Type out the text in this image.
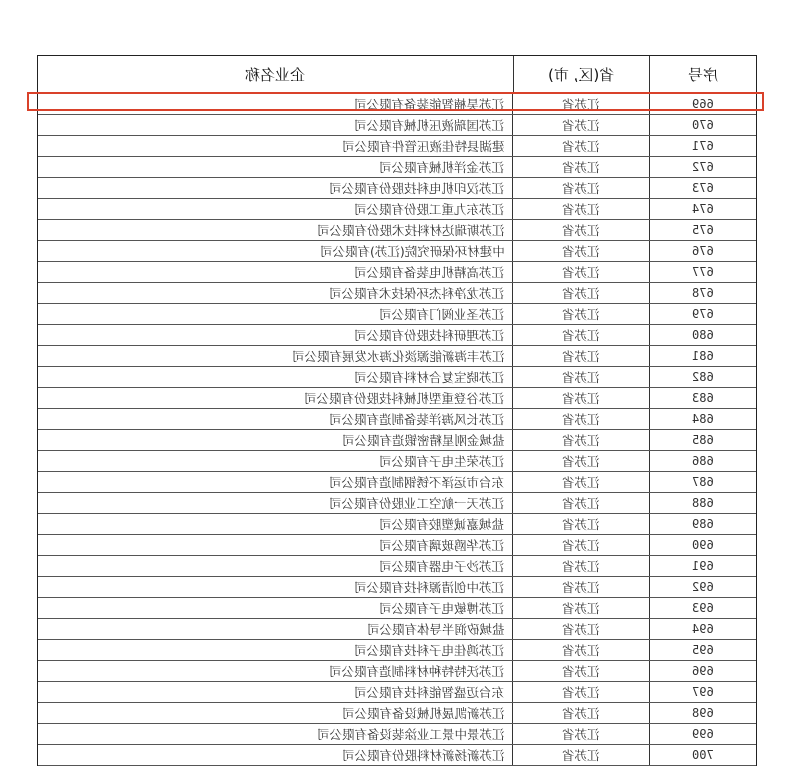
企业名称	省(区, 市)	序号
江苏昊楠智能装备有限公司	江苏省	669
江苏国瑞液压机械有限公司	江苏省	670
建湖县特佳液压管件有限公司	江苏省	671
江苏金洋机械有限公司	江苏省	672
江苏汉印机电科技股份有限公司	江苏省	673
江苏东九重工股份有限公司	江苏省	674
江苏斯瑞达材料技术股份有限公司	江苏省	675
中建材环保研究院(江苏)有限公司	江苏省	676
江苏高精机电装备有限公司	江苏省	677
江苏龙净科杰环保技术有限公司	江苏省	678
江苏圣业阀门有限公司	江苏省	679
江苏理研科技股份有限公司	江苏省	680
江苏丰海新能源淡化海水发展有限公司	江苏省	681
江苏晓宝复合材料有限公司	江苏省	682
江苏谷登重型机械科技股份有限公司	江苏省	683
江苏长风海洋装备制造有限公司	江苏省	684
盐城金刚星精密锻造有限公司	江苏省	685
江苏荣生电子有限公司	江苏省	686
东台市运泽不锈钢制造有限公司	江苏省	687
江苏天一航空工业股份有限公司	江苏省	688
盐城嘉诚塑胶有限公司	江苏省	689
江苏华鸥玻璃有限公司	江苏省	690
江苏沙子电器有限公司	江苏省	691
江苏中创清源科技有限公司	江苏省	692
江苏博敏电子有限公司	江苏省	693
盐城矽润半导体有限公司	江苏省	694
江苏鸿佳电子科技有限公司	江苏省	695
江苏沃特特种材料制造有限公司	江苏省	696
东台迈盛智能科技有限公司	江苏省	697
江苏新凯晟机械设备有限公司	江苏省	698
江苏景中景工业涂装设备有限公司	江苏省	699
江苏新扬新材料股份有限公司	江苏省	700
